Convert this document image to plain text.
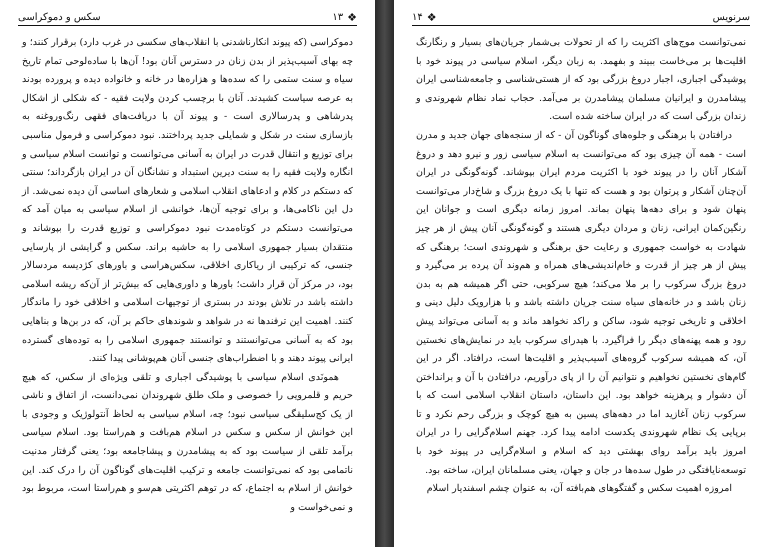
سکس و دموکراسی	❖
۱۳

دموکراسی (که پیوند انکارناشدنی با انقلاب‌های سکسی در غرب دارد) برقرار کنند؛ و چه بهای آسیب‌پذیر از بدن زنان در دسترس آنان بود! آن‌ها با ساده‌لوحی تمام تاریخ سیاه و سنت ستمی را که سده‌ها و هزاره‌ها در خانه و خانواده دیده و پرورده بودند به عرصه سیاست کشیدند. آنان با برچسب کردن ولایت فقیه - که شکلی از اشکال پدرشاهی و پدرسالاری است - و پیوند آن با دریافت‌های فقهی رنگ‌وروغنه به بازسازی سنت در شکل و شمایلی جدید پرداختند. نبود دموکراسی و فرمول مناسبی برای توزیع و انتقال قدرت در ایران به آسانی می‌توانست و توانست اسلام سیاسی و انگاره ولایت فقیه را به سنت دیرین استبداد و نشانگان آن در ایران بازگرداند؛ سنتی که دستکم در کلام و ادعاهای انقلاب اسلامی و شعارهای اساسی آن دیده نمی‌شد. از دل این ناکامی‌ها، و برای توجیه آن‌ها، خوانشی از اسلام سیاسی به میان آمد که می‌توانست دستکم در کوتاه‌مدت نبود دموکراسی و توزیع قدرت را بپوشاند و منتقدان بسیار جمهوری اسلامی را به حاشیه براند. سکس و گرایشی از پارسایی جنسی، که ترکیبی از ریاکاری اخلاقی، سکس‌هراسی و باورهای کژدیسه مردسالار بود، در مرکز آن قرار داشت؛ باورها و داوری‌هایی که بیش‌تر از آن‌که ریشه اسلامی داشته باشد در تلاش بودند در بستری از توجیهات اسلامی و اخلاقی خود را ماندگار کنند. اهمیت این ترفندها نه در شواهد و شوندهای حاکم بر آن، که در بن‌ها و بناهایی بود که به آسانی می‌توانستند و توانستند جمهوری اسلامی را به توده‌های گسترده ایرانی پیوند دهند و با اضطراب‌های جنسی آنان هم‌پوشانی پیدا کنند.

همونَدی اسلام سیاسی با پوشیدگی اجباری و تلقی ویژه‌ای از سکس، که هیچ حریم و قلمرویی را خصوصی و ملک طلق شهروندان نمی‌دانست، از اتفاق و ناشی از یک کج‌سلیقگی سیاسی نبود؛ چه، اسلام سیاسی به لحاظ آنتولوژیک و وجودی با این خوانش از سکس و سکس در اسلام هم‌بافت و هم‌راستا بود. اسلام سیاسی برآمد تلقی از سیاست بود که به پیشامدرن و پیشاجامعه بود؛ یعنی گرفتار مدنیت ناتمامی بود که نمی‌توانست جامعه و ترکیب اقلیت‌های گوناگون آن را درک کند. این خوانش از اسلام به اجتماع، که در توهم اکثریتی هم‌سو و هم‌راستا است، مربوط بود و نمی‌خواست و

❖
۱۴	سرنویس

نمی‌توانست موج‌های اکثریت را که از تحولات بی‌شمار جریان‌های بسیار و رنگارنگ اقلیت‌ها بر می‌خاست ببیند و بفهمد. به زبان دیگر، اسلام سیاسی در پیوند خود با پوشیدگی اجباری، اجبار دروغ بزرگی بود که از هستی‌شناسی و جامعه‌شناسی ایران پیشامدرن و ایرانیان مسلمان پیشامدرن بر می‌آمد. حجاب نماد نظام شهروندی و زندان بزرگی است که در ایران ساخته شده است.

درافتادن با برهنگی و جلوه‌های گوناگون آن - که از سنجه‌های جهان جدید و مدرن است - همه آن چیزی بود که می‌توانست به اسلام سیاسی زور و نیرو دهد و دروغ آشکار آنان را در پیوند خود با اکثریت مردم ایران بپوشاند. گونه‌گونگی در ایران آن‌چنان آشکار و پرتوان بود و هست که تنها با یک دروغ بزرگ و شاخ‌دار می‌توانست پنهان شود و برای دهه‌ها پنهان بماند. امروز زمانه دیگری است و جوانان این رنگین‌کمان ایرانی، زنان و مردان دیگری هستند و گونه‌گونگی آنان پیش از هر چیز شهادت به خواست جمهوری و رعایت حق برهنگی و شهروندی است؛ برهنگی که پیش از هر چیز از قدرت و خام‌اندیشی‌های همراه و هم‌وند آن پرده بر می‌گیرد و دروغ بزرگ سرکوب را بر ملا می‌کند؛ هیچ سرکوبی، حتی اگر همیشه هم به بدن زنان باشد و در خانه‌های سیاه سنت جریان داشته باشد و با هزارویک دلیل دینی و اخلاقی و تاریخی توجیه شود، ساکن و راکد نخواهد ماند و به آسانی می‌تواند پیش رود و همه پهنه‌های دیگر را فراگیرد. با هیدرای سرکوب باید در نمایش‌های نخستین آن، که همیشه سرکوب گروه‌های آسیب‌پذیر و اقلیت‌ها است، درافتاد. اگر در این گام‌های نخستین نخواهیم و نتوانیم آن را از پای درآوریم، درافتادن با آن و برانداختن آن دشوار و پرهزینه خواهد بود. این داستان، داستان انقلاب اسلامی است که با سرکوب زنان آغازید اما در دهه‌های پسین به هیچ کوچک و بزرگی رحم نکرد و تا برپایی یک نظام شهروندی یکدست ادامه پیدا کرد. جهنم اسلام‌گرایی را در ایران امروز باید برآمد روای بهشتی دید که اسلام و اسلام‌گرایی در پیوند خود با توسعه‌نایافتگی در طول سده‌ها در جان و جهان، یعنی مسلمانان ایران، ساخته بود.

امروزه اهمیت سکس و گفتگوهای هم‌بافته آن، به عنوان چشم اسفندیار اسلام
